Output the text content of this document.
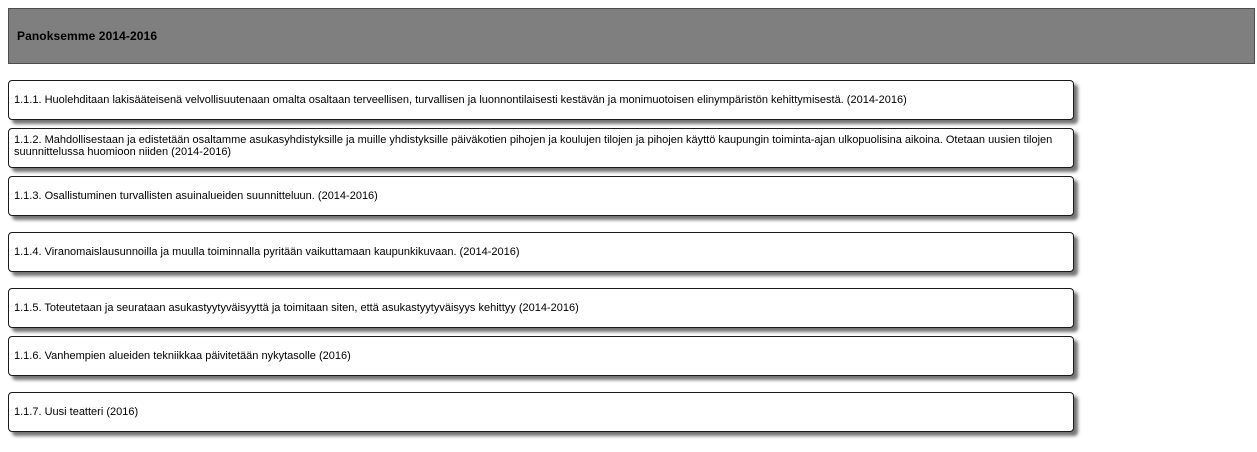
Panoksemme 2014-2016
1.1.1. Huolehditaan lakisääteisenä velvollisuutenaan omalta osaltaan terveellisen, turvallisen ja luonnontilaisesti kestävän ja monimuotoisen elinympäristön kehittymisestä. (2014-2016)
1.1.2. Mahdollisestaan ja edistetään osaltamme asukasyhdistyksille ja muille yhdistyksille päiväkotien pihojen ja koulujen tilojen ja pihojen käyttö kaupungin toiminta-ajan ulkopuolisina aikoina. Otetaan uusien tilojen suunnittelussa huomioon niiden (2014-2016)
1.1.3. Osallistuminen turvallisten asuinalueiden suunnitteluun. (2014-2016)
1.1.4. Viranomaislausunnoilla ja muulla toiminnalla pyritään vaikuttamaan kaupunkikuvaan. (2014-2016)
1.1.5. Toteutetaan ja seurataan asukastyytyväisyyttä ja toimitaan siten, että asukastyytyväisyys kehittyy (2014-2016)
1.1.6. Vanhempien alueiden tekniikkaa päivitetään nykytasolle (2016)
1.1.7. Uusi teatteri (2016)
